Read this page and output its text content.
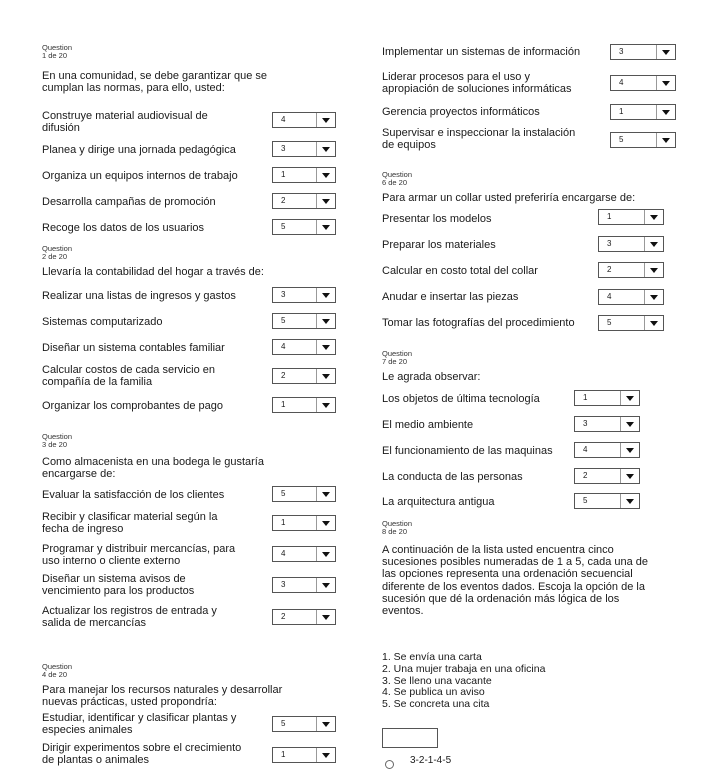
Question
1 de 20
En una comunidad, se debe garantizar que se
cumplan las normas, para ello, usted:
Construye material audiovisual de
difusión
4
Planea y dirige una jornada pedagógica	3
Organiza un equipos internos de trabajo	1
Desarrolla campañas de promoción	2
Recoge los datos de los usuarios	5
Question
2 de 20
Llevaría la contabilidad del hogar a través de:
Realizar una listas de ingresos y gastos	3
Sistemas computarizado	5
Diseñar un sistema contables familiar	4
Calcular costos de cada servicio en
compañía de la familia
2
Organizar los comprobantes de pago	1
Question
3 de 20
Como almacenista en una bodega le gustaría
encargarse de:
Evaluar la satisfacción de los clientes	5
Recibir y clasificar material según la
fecha de ingreso
1
Programar y distribuir mercancías, para
uso interno o cliente externo
4
Diseñar un sistema avisos de
vencimiento para los productos
3
Actualizar los registros de entrada y
salida de mercancías
2
Question
4 de 20
Para manejar los recursos naturales y desarrollar
nuevas prácticas, usted propondría:
Estudiar, identificar y clasificar plantas y
especies animales
5
Dirigir experimentos sobre el crecimiento
de plantas o animales	1
Implementar un sistemas de información	3
Liderar procesos para el uso y
apropiación de soluciones informáticas
4
Gerencia proyectos informáticos	1
Supervisar e inspeccionar la instalación
de equipos	5
Question
6 de 20
Para armar un collar usted preferiría encargarse de:
Presentar los modelos	1
Preparar los materiales	3
Calcular en costo total del collar	2
Anudar e insertar las piezas	4
Tomar las fotografías del procedimiento	5
Question
7 de 20
Le agrada observar:
Los objetos de última tecnología	1
El medio ambiente	3
El funcionamiento de las maquinas	4
La conducta de las personas	2
La arquitectura antigua	5
Question
8 de 20
A continuación de la lista usted encuentra cinco
sucesiones posibles numeradas de 1 a 5, cada una de
las opciones representa una ordenación secuencial
diferente de los eventos dados. Escoja la opción de la
sucesión que dé la ordenación más lógica de los
eventos.
1. Se envía una carta
2. Una mujer trabaja en una oficina
3. Se lleno una vacante
4. Se publica un aviso
5. Se concreta una cita
3-2-1-4-5
